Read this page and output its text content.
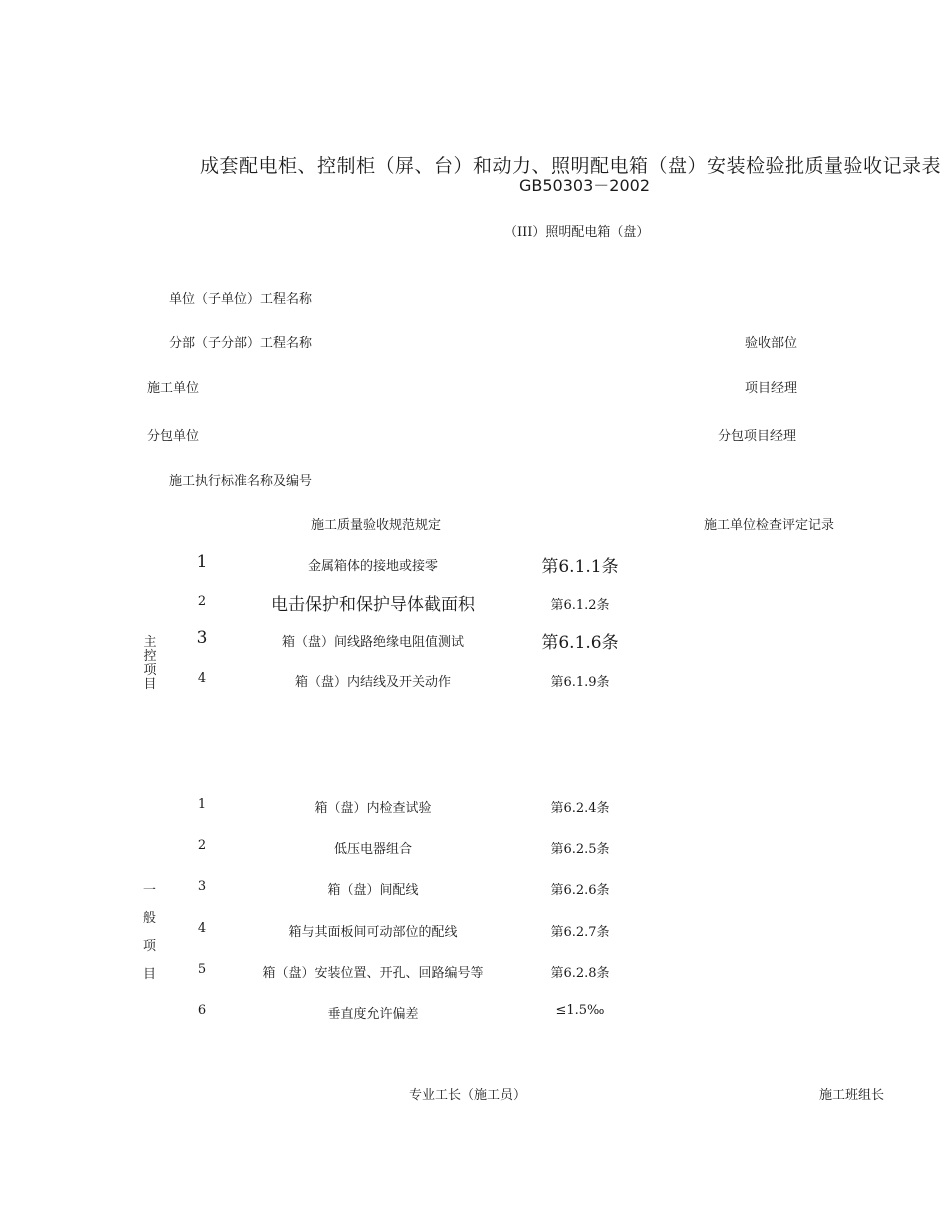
成套配电柜、控制柜（屏、台）和动力、照明配电箱（盘）安装检验批质量验收记录表
GB50303－2002
（III）照明配电箱（盘）
单位（子单位）工程名称
分部（子分部）工程名称	验收部位
施工单位	项目经理
分包单位	分包项目经理
施工执行标准名称及编号
施工质量验收规范规定	施工单位检查评定记录
主
控
项
目
1	金属箱体的接地或接零	第6.1.1条
2	电击保护和保护导体截面积	第6.1.2条
3	箱（盘）间线路绝缘电阻值测试	第6.1.6条
4	箱（盘）内结线及开关动作	第6.1.9条
一
般
项
目
1	箱（盘）内检查试验	第6.2.4条
2	低压电器组合	第6.2.5条
3	箱（盘）间配线	第6.2.6条
4	箱与其面板间可动部位的配线	第6.2.7条
5	箱（盘）安装位置、开孔、回路编号等	第6.2.8条
6	垂直度允许偏差	≤1.5‰
专业工长（施工员）	施工班组长
